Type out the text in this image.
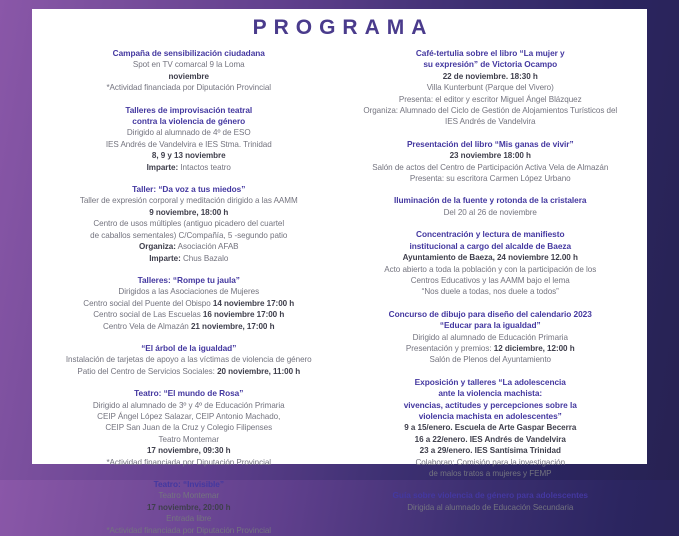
PROGRAMA
Campaña de sensibilización ciudadana
Spot en TV comarcal 9 la Loma
noviembre
*Actividad financiada por Diputación Provincial
Talleres de improvisación teatral
contra la violencia de género
Dirigido al alumnado de 4º de ESO
IES Andrés de Vandelvira e IES Stma. Trinidad
8, 9 y 13 noviembre
Imparte: Intactos teatro
Taller: “Da voz a tus miedos”
Taller de expresión corporal y meditación dirigido a las AAMM
9 noviembre, 18:00 h
Centro de usos múltiples (antiguo picadero del cuartel
de caballos sementales) C/Compañía, 5 -segundo patio
Organiza: Asociación AFAB
Imparte: Chus Bazalo
Talleres: “Rompe tu jaula”
Dirigidos a las Asociaciones de Mujeres
Centro social del Puente del Obispo 14 noviembre 17:00 h
Centro social de Las Escuelas 16 noviembre 17:00 h
Centro Vela de Almazán 21 noviembre, 17:00 h
“El árbol de la igualdad”
Instalación de tarjetas de apoyo a las víctimas de violencia de género
Patio del Centro de Servicios Sociales: 20 noviembre, 11:00 h
Teatro: “El mundo de Rosa”
Dirigido al alumnado de 3º y 4º de Educación Primaria
CEIP Ángel López Salazar, CEIP Antonio Machado,
CEIP San Juan de la Cruz y Colegio Filipenses
Teatro Montemar
17 noviembre, 09:30 h
*Actividad financiada por Diputación Provincial
Teatro: “Invisible”
Teatro Montemar
17 noviembre, 20:00 h
Entrada libre
*Actividad financiada por Diputación Provincial
Café-tertulia sobre el libro “La mujer y
su expresión” de Victoria Ocampo
22 de noviembre. 18:30 h
Villa Kunterbunt (Parque del Vivero)
Presenta: el editor y escritor Miguel Ángel Blázquez
Organiza: Alumnado del Ciclo de Gestión de Alojamientos Turísticos del
IES Andrés de Vandelvira
Presentación del libro “Mis ganas de vivir”
23 noviembre 18:00 h
Salón de actos del Centro de Participación Activa Vela de Almazán
Presenta: su escritora Carmen López Urbano
Iluminación de la fuente y rotonda de la cristalera
Del 20 al 26 de noviembre
Concentración y lectura de manifiesto
institucional a cargo del alcalde de Baeza
Ayuntamiento de Baeza, 24 noviembre 12.00 h
Acto abierto a toda la población y con la participación de los
Centros Educativos y las AAMM bajo el lema
“Nos duele a todas, nos duele a todos”
Concurso de dibujo para diseño del calendario 2023
“Educar para la igualdad”
Dirigido al alumnado de Educación Primaria
Presentación y premios: 12 diciembre, 12:00 h
Salón de Plenos del Ayuntamiento
Exposición y talleres “La adolescencia
ante la violencia machista:
vivencias, actitudes y percepciones sobre la
violencia machista en adolescentes”
9 a 15/enero. Escuela de Arte Gaspar Becerra
16 a 22/enero. IES Andrés de Vandelvira
23 a 29/enero. IES Santísima Trinidad
Colaboran: Comisión para la investigación
de malos tratos a mujeres y FEMP
Guía sobre violencia de género para adolescentes
Dirigida al alumnado de Educación Secundaria
